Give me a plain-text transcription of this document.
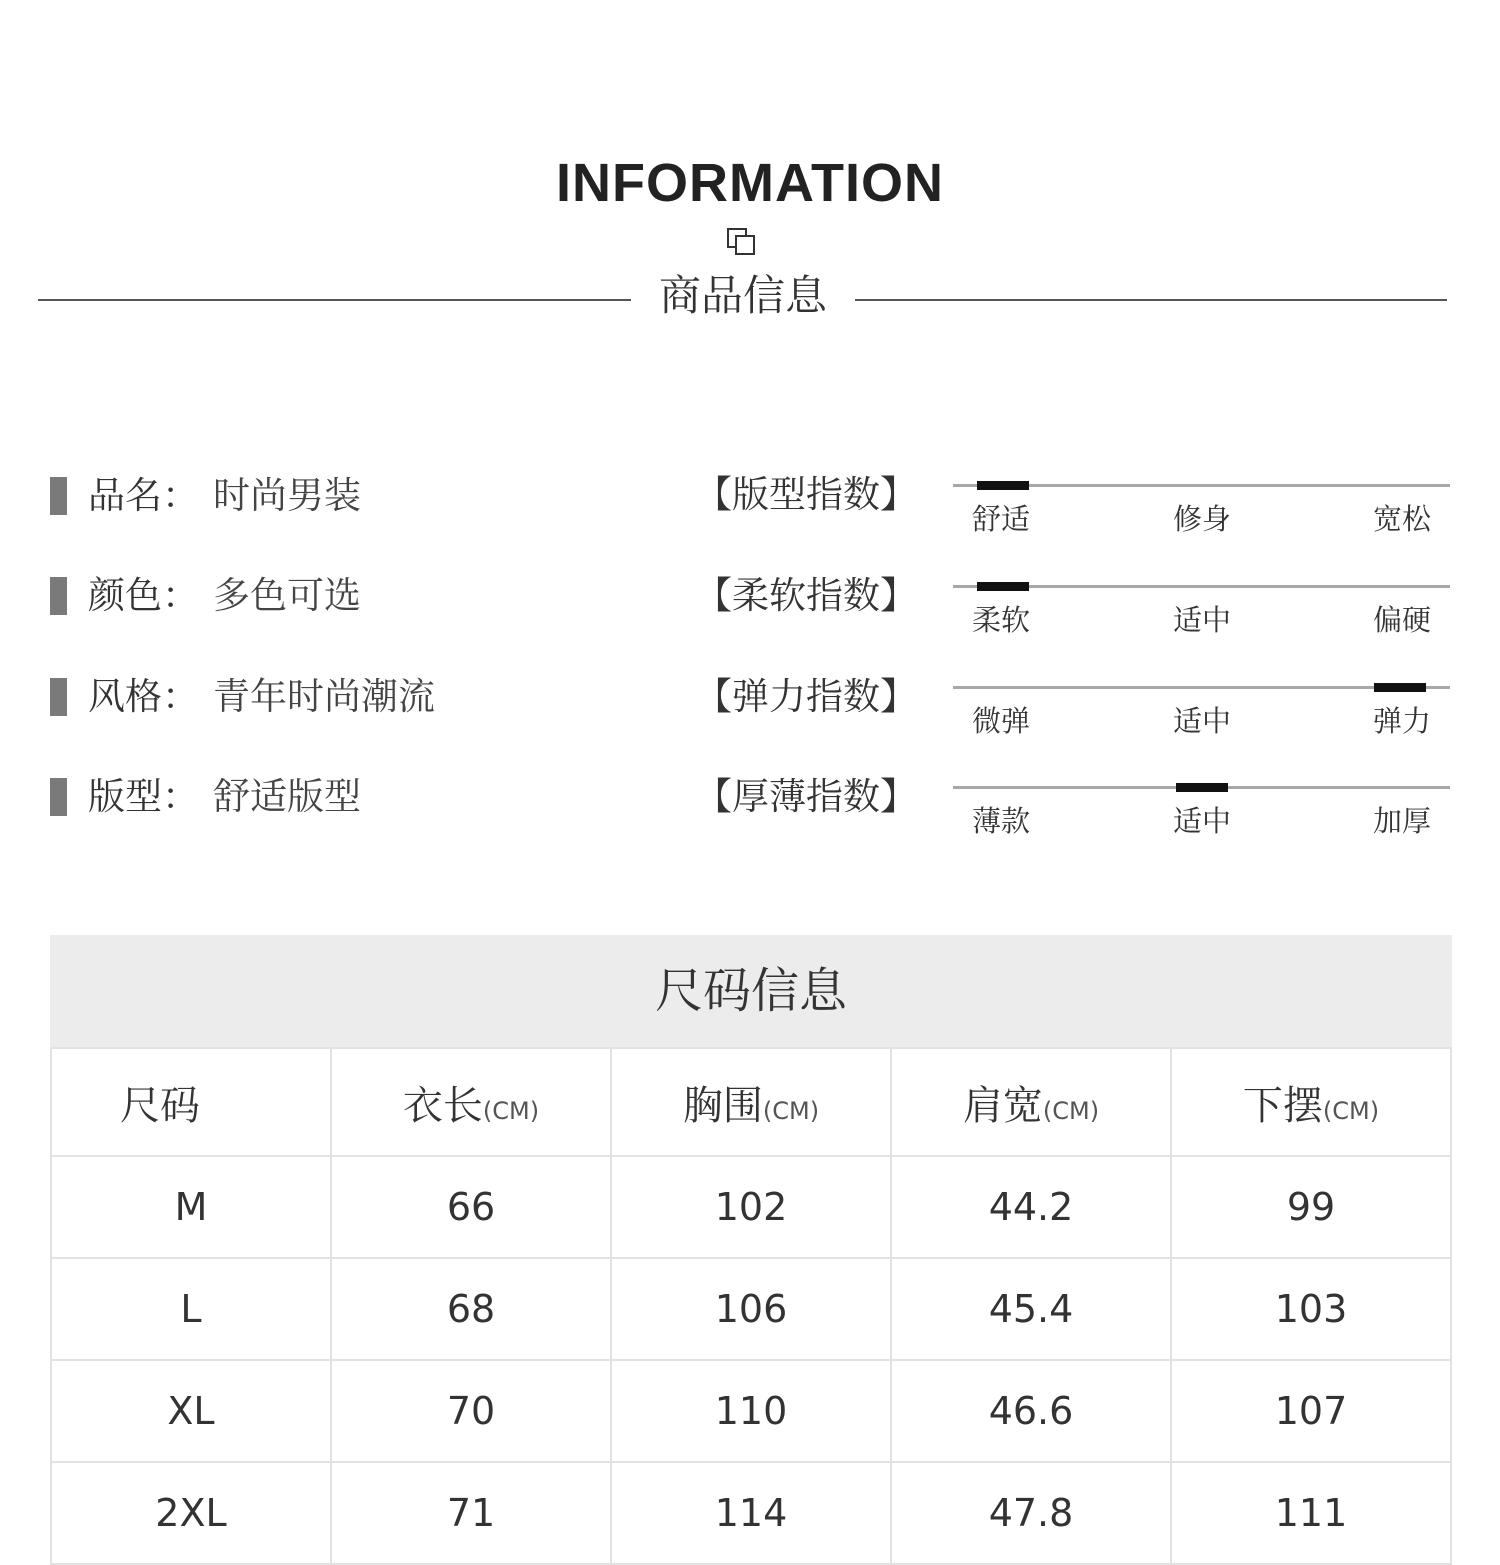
INFORMATION
商品信息
品名： 时尚男装
颜色： 多色可选
风格： 青年时尚潮流
版型： 舒适版型
【版型指数】
舒适	修身	宽松
【柔软指数】
柔软	适中	偏硬
【弹力指数】
微弹	适中	弹力
【厚薄指数】
薄款	适中	加厚
尺码信息
尺码	衣长(CM)	胸围(CM)	肩宽(CM)	下摆(CM)
M	66	102	44.2	99
L	68	106	45.4	103
XL	70	110	46.6	107
2XL	71	114	47.8	111
